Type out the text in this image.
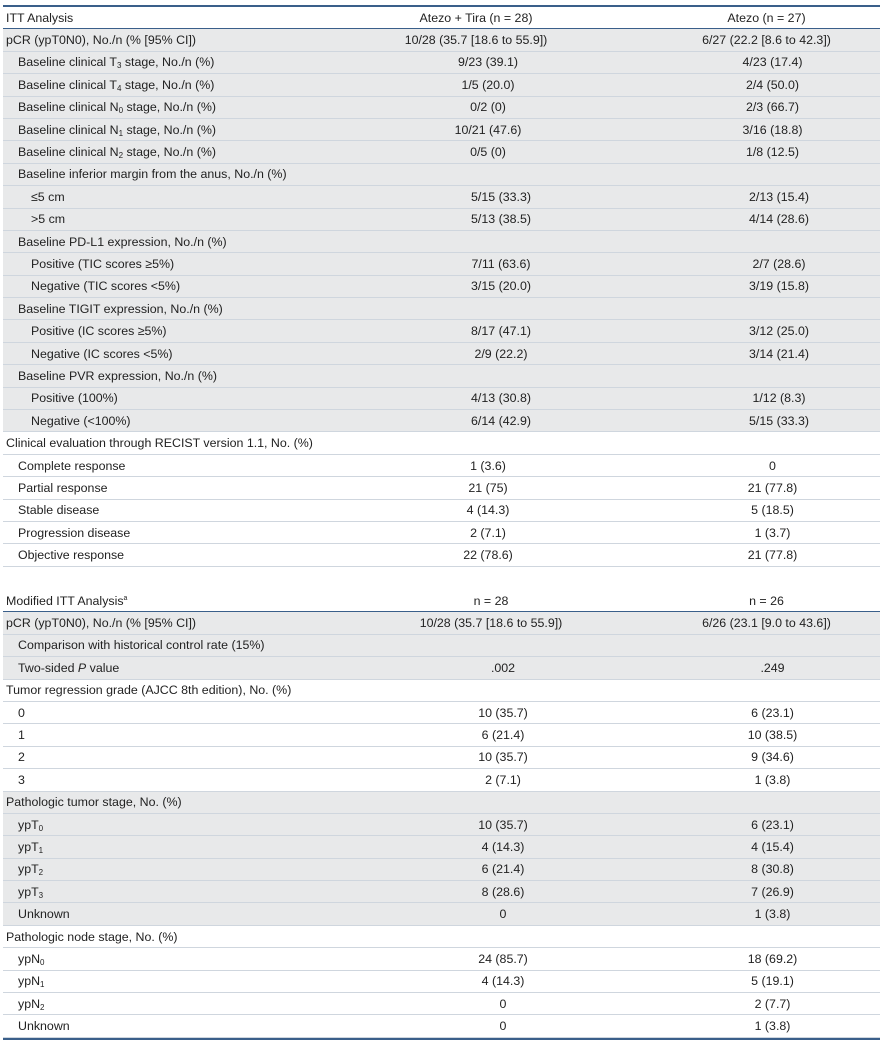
ITT Analysis	Atezo + Tira (n = 28)	Atezo (n = 27)
pCR (ypT0N0), No./n (% [95% CI])	10/28 (35.7 [18.6 to 55.9])	6/27 (22.2 [8.6 to 42.3])
Baseline clinical $T_3$ stage, No./n (%)	9/23 (39.1)	4/23 (17.4)
Baseline clinical $T_4$ stage, No./n (%)	1/5 (20.0)	2/4 (50.0)
Baseline clinical $N_0$ stage, No./n (%)	0/2 (0)	2/3 (66.7)
Baseline clinical $N_1$ stage, No./n (%)	10/21 (47.6)	3/16 (18.8)
Baseline clinical $N_2$ stage, No./n (%)	0/5 (0)	1/8 (12.5)
Baseline inferior margin from the anus, No./n (%)
≤5 cm	5/15 (33.3)	2/13 (15.4)
>5 cm	5/13 (38.5)	4/14 (28.6)
Baseline PD-L1 expression, No./n (%)
Positive (TIC scores ≥5%)	7/11 (63.6)	2/7 (28.6)
Negative (TIC scores <5%)	3/15 (20.0)	3/19 (15.8)
Baseline TIGIT expression, No./n (%)
Positive (IC scores ≥5%)	8/17 (47.1)	3/12 (25.0)
Negative (IC scores <5%)	2/9 (22.2)	3/14 (21.4)
Baseline PVR expression, No./n (%)
Positive (100%)	4/13 (30.8)	1/12 (8.3)
Negative (<100%)	6/14 (42.9)	5/15 (33.3)
Clinical evaluation through RECIST version 1.1, No. (%)
Complete response	1 (3.6)	0
Partial response	21 (75)	21 (77.8)
Stable disease	4 (14.3)	5 (18.5)
Progression disease	2 (7.1)	1 (3.7)
Objective response	22 (78.6)	21 (77.8)
Modified ITT Analysis$^a$	n = 28	n = 26
pCR (ypT0N0), No./n (% [95% CI])	10/28 (35.7 [18.6 to 55.9])	6/26 (23.1 [9.0 to 43.6])
Comparison with historical control rate (15%)
Two-sided P value	.002	.249
Tumor regression grade (AJCC 8th edition), No. (%)
0	10 (35.7)	6 (23.1)
1	6 (21.4)	10 (38.5)
2	10 (35.7)	9 (34.6)
3	2 (7.1)	1 (3.8)
Pathologic tumor stage, No. (%)
ypT$_0$	10 (35.7)	6 (23.1)
ypT$_1$	4 (14.3)	4 (15.4)
ypT$_2$	6 (21.4)	8 (30.8)
ypT$_3$	8 (28.6)	7 (26.9)
Unknown	0	1 (3.8)
Pathologic node stage, No. (%)
ypN$_0$	24 (85.7)	18 (69.2)
ypN$_1$	4 (14.3)	5 (19.1)
ypN$_2$	0	2 (7.7)
Unknown	0	1 (3.8)
